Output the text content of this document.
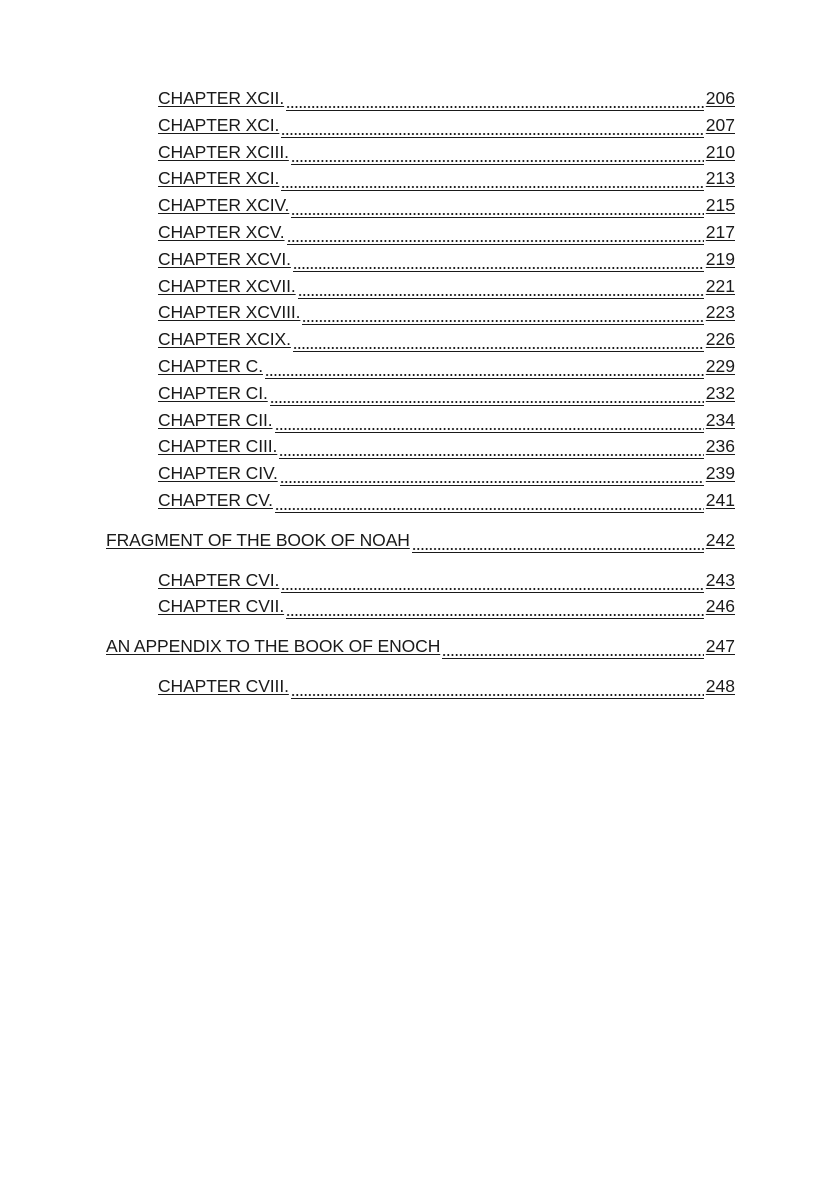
CHAPTER XCII.	206
CHAPTER XCI.	207
CHAPTER XCIII.	210
CHAPTER XCI.	213
CHAPTER XCIV.	215
CHAPTER XCV.	217
CHAPTER XCVI.	219
CHAPTER XCVII.	221
CHAPTER XCVIII.	223
CHAPTER XCIX.	226
CHAPTER C.	229
CHAPTER CI.	232
CHAPTER CII.	234
CHAPTER CIII.	236
CHAPTER CIV.	239
CHAPTER CV.	241
FRAGMENT OF THE BOOK OF NOAH	242
CHAPTER CVI.	243
CHAPTER CVII.	246
AN APPENDIX TO THE BOOK OF ENOCH	247
CHAPTER CVIII.	248
